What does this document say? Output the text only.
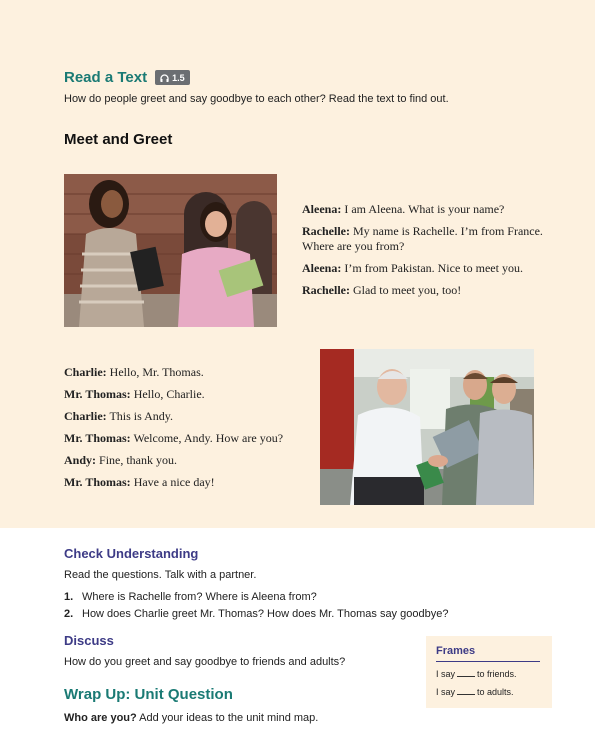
Read a Text	1.5
How do people greet and say goodbye to each other? Read the text to find out.
Meet and Greet

Aleena: I am Aleena. What is your name?

Rachelle: My name is Rachelle. I’m from France. Where are you from?

Aleena: I’m from Pakistan. Nice to meet you.

Rachelle: Glad to meet you, too!

Charlie: Hello, Mr. Thomas.

Mr. Thomas: Hello, Charlie.

Charlie: This is Andy.

Mr. Thomas: Welcome, Andy. How are you?

Andy: Fine, thank you.

Mr. Thomas: Have a nice day!

Check Understanding
Read the questions. Talk with a partner.
1. Where is Rachelle from? Where is Aleena from?
2. How does Charlie greet Mr. Thomas? How does Mr. Thomas say goodbye?
Discuss
How do you greet and say goodbye to friends and adults?
Frames
I say to friends.
I say to adults.
Wrap Up: Unit Question
Who are you? Add your ideas to the unit mind map.
